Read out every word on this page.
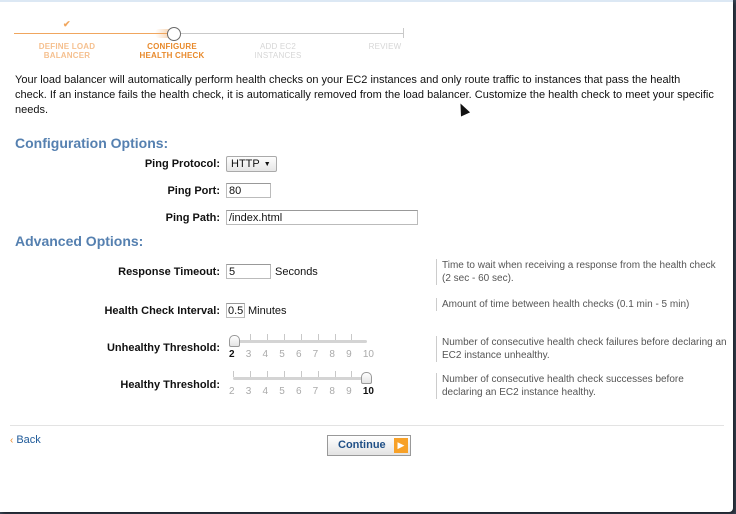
✔
DEFINE LOAD
BALANCER
CONFIGURE
HEALTH CHECK
ADD EC2
INSTANCES
REVIEW
Your load balancer will automatically perform health checks on your EC2 instances and only route traffic to instances that pass the health check. If an instance fails the health check, it is automatically removed from the load balancer. Customize the health check to meet your specific needs.
Configuration Options:
Ping Protocol:	HTTP ▼
Ping Port: 80
Ping Path: /index.html
Advanced Options:
Response Timeout: 5	Seconds
Time to wait when receiving a response from the health check (2 sec - 60 sec).
Health Check Interval: 0.5 Minutes
Amount of time between health checks (0.1 min - 5 min)
Unhealthy Threshold:
2 3 4 5 6 7 8 9 10
Number of consecutive health check failures before declaring an EC2 instance unhealthy.
Healthy Threshold:
2 3 4 5 6 7 8 9 10
Number of consecutive health check successes before declaring an EC2 instance healthy.
‹ Back	Continue	▶
